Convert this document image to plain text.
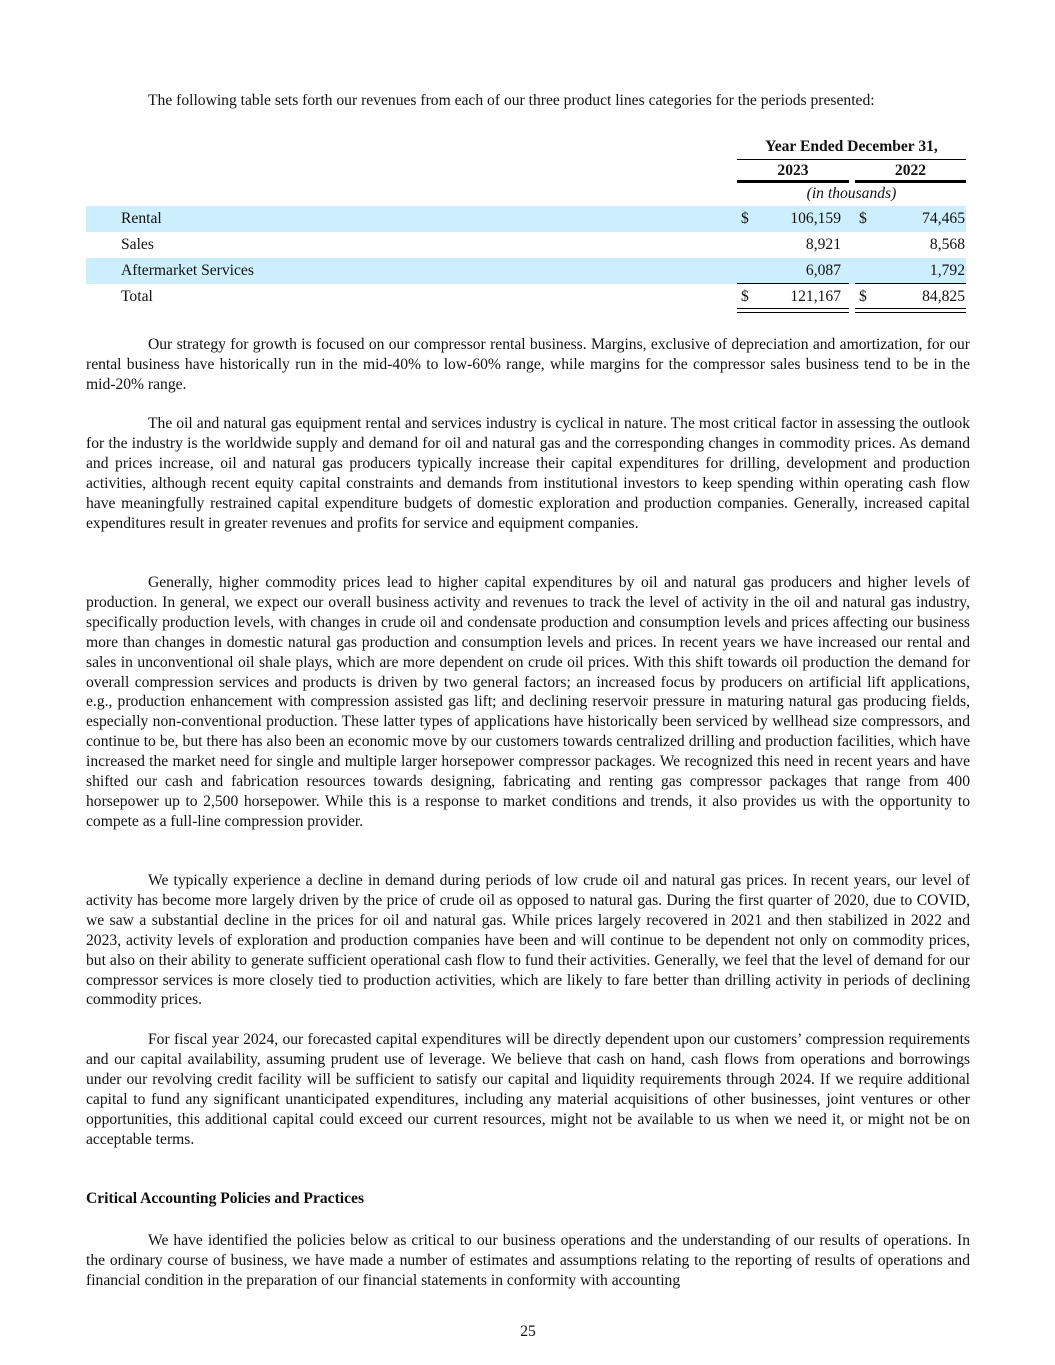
The following table sets forth our revenues from each of our three product lines categories for the periods presented:

Year Ended December 31,
2023	2022
(in thousands)
Rental	$	106,159 $	74,465
Sales	8,921	8,568
Aftermarket Services	6,087	1,792
Total	$	121,167 $	84,825

Our strategy for growth is focused on our compressor rental business. Margins, exclusive of depreciation and amortization, for our rental business have historically run in the mid-40% to low-60% range, while margins for the compressor sales business tend to be in the mid-20% range.

The oil and natural gas equipment rental and services industry is cyclical in nature. The most critical factor in assessing the outlook for the industry is the worldwide supply and demand for oil and natural gas and the corresponding changes in commodity prices. As demand and prices increase, oil and natural gas producers typically increase their capital expenditures for drilling, development and production activities, although recent equity capital constraints and demands from institutional investors to keep spending within operating cash flow have meaningfully restrained capital expenditure budgets of domestic exploration and production companies. Generally, increased capital expenditures result in greater revenues and profits for service and equipment companies.

Generally, higher commodity prices lead to higher capital expenditures by oil and natural gas producers and higher levels of production. In general, we expect our overall business activity and revenues to track the level of activity in the oil and natural gas industry, specifically production levels, with changes in crude oil and condensate production and consumption levels and prices affecting our business more than changes in domestic natural gas production and consumption levels and prices. In recent years we have increased our rental and sales in unconventional oil shale plays, which are more dependent on crude oil prices. With this shift towards oil production the demand for overall compression services and products is driven by two general factors; an increased focus by producers on artificial lift applications, e.g., production enhancement with compression assisted gas lift; and declining reservoir pressure in maturing natural gas producing fields, especially non-conventional production. These latter types of applications have historically been serviced by wellhead size compressors, and continue to be, but there has also been an economic move by our customers towards centralized drilling and production facilities, which have increased the market need for single and multiple larger horsepower compressor packages. We recognized this need in recent years and have shifted our cash and fabrication resources towards designing, fabricating and renting gas compressor packages that range from 400 horsepower up to 2,500 horsepower. While this is a response to market conditions and trends, it also provides us with the opportunity to compete as a full-line compression provider.

We typically experience a decline in demand during periods of low crude oil and natural gas prices. In recent years, our level of activity has become more largely driven by the price of crude oil as opposed to natural gas. During the first quarter of 2020, due to COVID, we saw a substantial decline in the prices for oil and natural gas. While prices largely recovered in 2021 and then stabilized in 2022 and 2023, activity levels of exploration and production companies have been and will continue to be dependent not only on commodity prices, but also on their ability to generate sufficient operational cash flow to fund their activities. Generally, we feel that the level of demand for our compressor services is more closely tied to production activities, which are likely to fare better than drilling activity in periods of declining commodity prices.

For fiscal year 2024, our forecasted capital expenditures will be directly dependent upon our customers’ compression requirements and our capital availability, assuming prudent use of leverage. We believe that cash on hand, cash flows from operations and borrowings under our revolving credit facility will be sufficient to satisfy our capital and liquidity requirements through 2024. If we require additional capital to fund any significant unanticipated expenditures, including any material acquisitions of other businesses, joint ventures or other opportunities, this additional capital could exceed our current resources, might not be available to us when we need it, or might not be on acceptable terms.

Critical Accounting Policies and Practices

We have identified the policies below as critical to our business operations and the understanding of our results of operations. In the ordinary course of business, we have made a number of estimates and assumptions relating to the reporting of results of operations and financial condition in the preparation of our financial statements in conformity with accounting

25
